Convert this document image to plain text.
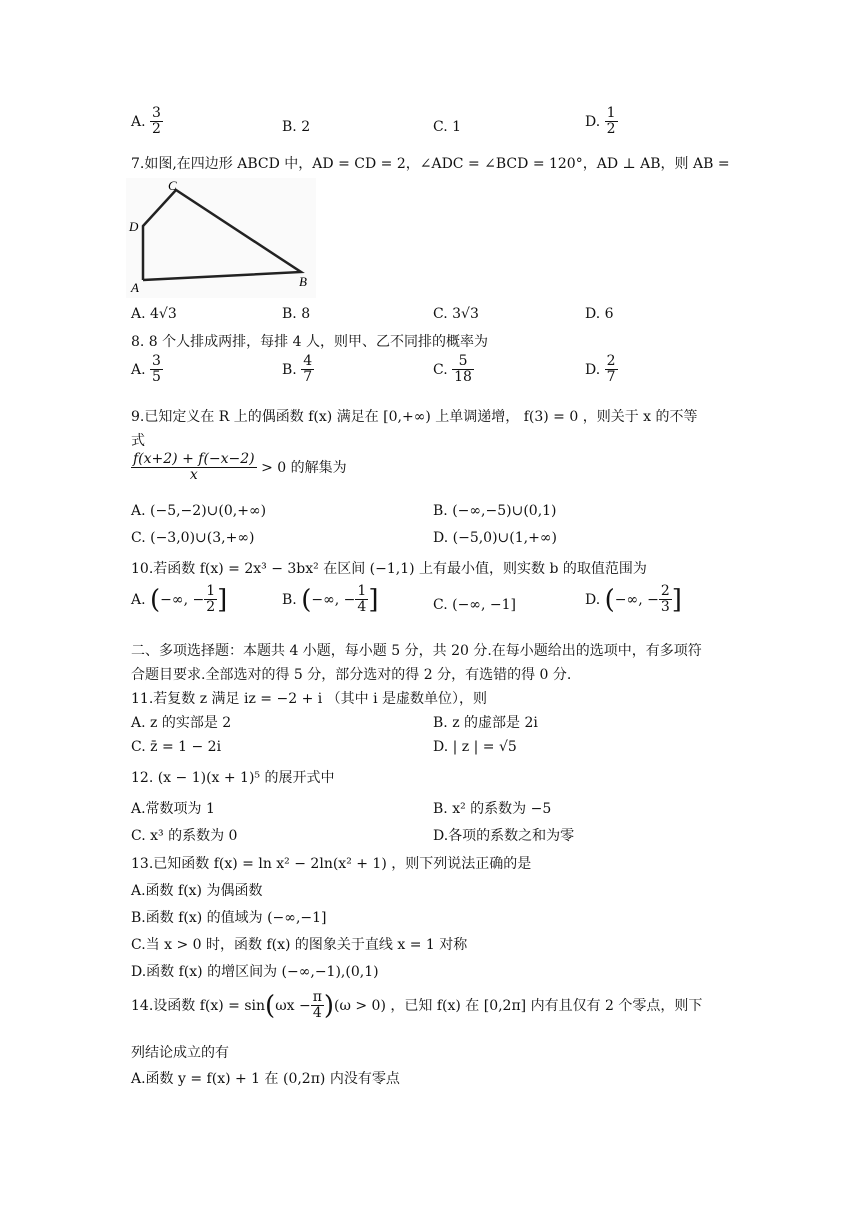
A. $\frac{3}{2}$	B. 2	C. 1	D. $\frac{1}{2}$
7.如图,在四边形 ABCD 中，AD = CD = 2，∠ADC = ∠BCD = 120°，AD ⊥ AB，则 AB =
C
D
A	B
A. 4√3	B. 8	C. 3√3	D. 6
8. 8 个人排成两排，每排 4 人，则甲、乙不同排的概率为
A. $\frac{3}{5}$	B. $\frac{4}{7}$	C. $\frac{5}{18}$	D. $\frac{2}{7}$
9.已知定义在 R 上的偶函数 f(x) 满足在 [0,+∞) 上单调递增， f(3) = 0 ，则关于 x 的不等
式
$\frac{f(x+2) + f(-x-2)}{x} > 0$ 的解集为
A. (−5,−2)∪(0,+∞)	B. (−∞,−5)∪(0,1)
C. (−3,0)∪(3,+∞)	D. (−5,0)∪(1,+∞)
10.若函数 f(x) = 2x³ − 3bx² 在区间 (−1,1) 上有最小值，则实数 b 的取值范围为
A. (−∞, − $\frac{1}{2}$ ]	B. (−∞, − $\frac{1}{4}$ ]	C. (−∞, −1]	D. (−∞, − $\frac{2}{3}$ ]
二、多项选择题：本题共 4 小题，每小题 5 分，共 20 分.在每小题给出的选项中，有多项符
合题目要求.全部选对的得 5 分，部分选对的得 2 分，有选错的得 0 分.
11.若复数 z 满足 iz = −2 + i （其中 i 是虚数单位），则
A. z 的实部是 2	B. z 的虚部是 2i
C. z̄ = 1 − 2i	D. | z | = √5
12. (x − 1)(x + 1)⁵ 的展开式中
A.常数项为 1	B. x² 的系数为 −5
C. x³ 的系数为 0	D.各项的系数之和为零
13.已知函数 f(x) = ln x² − 2ln(x² + 1) ，则下列说法正确的是
A.函数 f(x) 为偶函数
B.函数 f(x) 的值域为 (−∞,−1]
C.当 x > 0 时，函数 f(x) 的图象关于直线 x = 1 对称
D.函数 f(x) 的增区间为 (−∞,−1),(0,1)
14.设函数 $f(x) = \sin(\omega x - \frac{\pi}{4} )(\omega > 0)$ ，已知 f(x) 在 [0,2π] 内有且仅有 2 个零点，则下
列结论成立的有
A.函数 y = f(x) + 1 在 (0,2π) 内没有零点
